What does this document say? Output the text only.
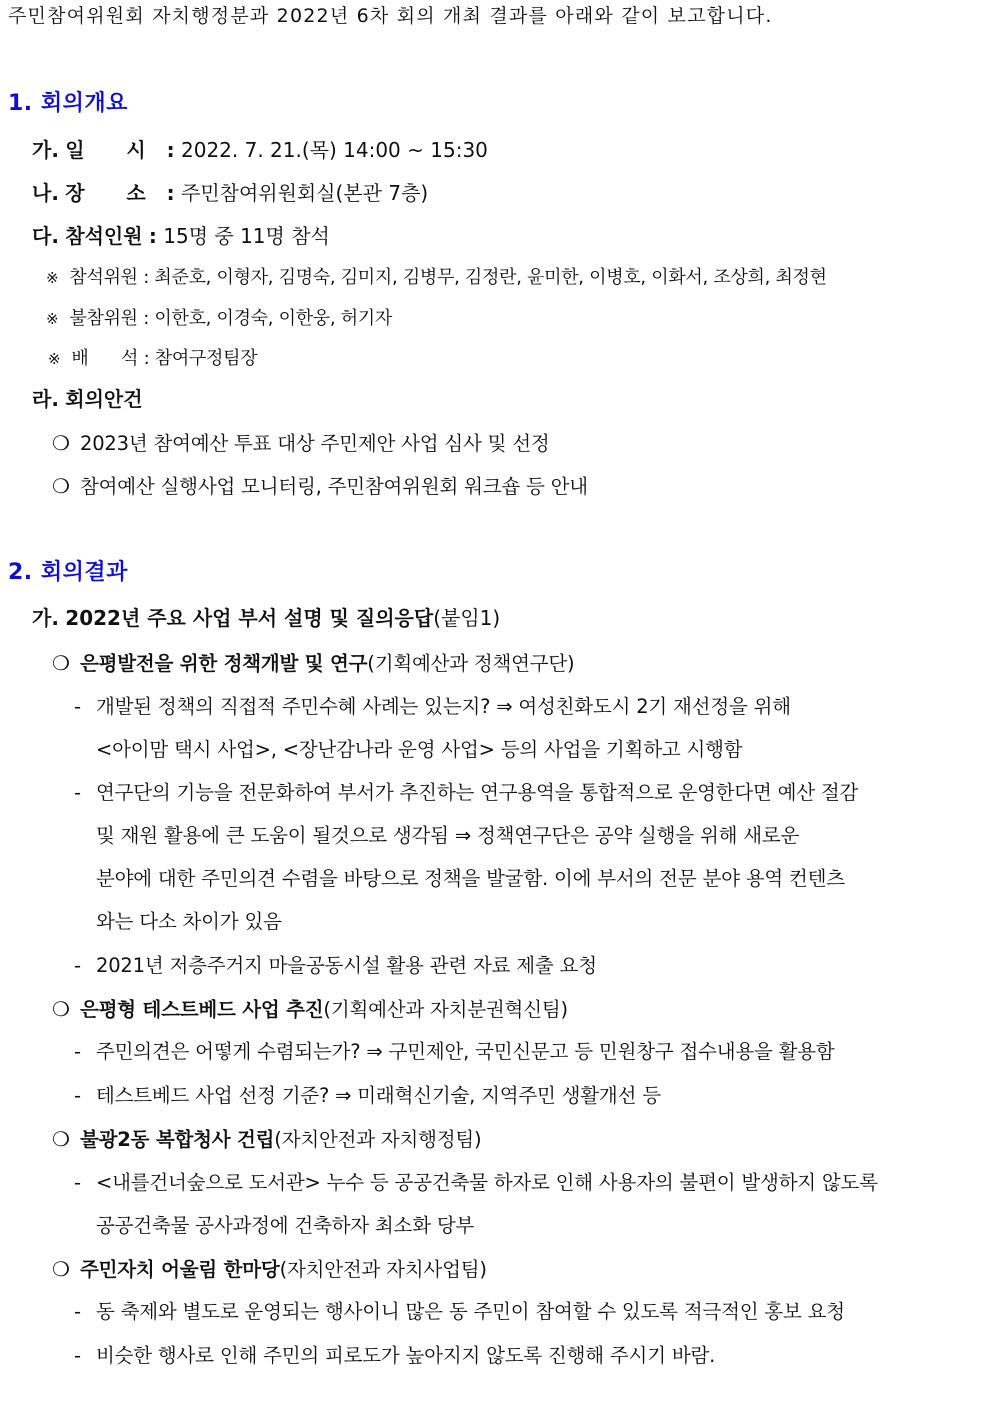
주민참여위원회 자치행정분과 2022년 6차 회의 개최 결과를 아래와 같이 보고합니다.
1. 회의개요
가. 일      시 : 2022. 7. 21.(목) 14:00 ~ 15:30
나. 장      소 : 주민참여위원회실(본관 7층)
다. 참석인원 : 15명 중 11명 참석
※ 참석위원 : 최준호, 이형자, 김명숙, 김미지, 김병무, 김정란, 윤미한, 이병호, 이화서, 조상희, 최정현
※ 불참위원 : 이한호, 이경숙, 이한웅, 허기자
※ 배      석 : 참여구정팀장
라. 회의안건
❍ 2023년 참여예산 투표 대상 주민제안 사업 심사 및 선정
❍ 참여예산 실행사업 모니터링, 주민참여위원회 워크숍 등 안내
2. 회의결과
가. 2022년 주요 사업 부서 설명 및 질의응답(붙임1)
❍ 은평발전을 위한 정책개발 및 연구(기획예산과 정책연구단)
- 개발된 정책의 직접적 주민수혜 사례는 있는지? ⇒ 여성친화도시 2기 재선정을 위해
<아이맘 택시 사업>, <장난감나라 운영 사업> 등의 사업을 기획하고 시행함
- 연구단의 기능을 전문화하여 부서가 추진하는 연구용역을 통합적으로 운영한다면 예산 절감
및 재원 활용에 큰 도움이 될것으로 생각됨 ⇒ 정책연구단은 공약 실행을 위해 새로운
분야에 대한 주민의견 수렴을 바탕으로 정책을 발굴함. 이에 부서의 전문 분야 용역 컨텐츠
와는 다소 차이가 있음
- 2021년 저층주거지 마을공동시설 활용 관련 자료 제출 요청
❍ 은평형 테스트베드 사업 추진(기획예산과 자치분권혁신팀)
- 주민의견은 어떻게 수렴되는가? ⇒ 구민제안, 국민신문고 등 민원창구 접수내용을 활용함
- 테스트베드 사업 선정 기준? ⇒ 미래혁신기술, 지역주민 생활개선 등
❍ 불광2동 복합청사 건립(자치안전과 자치행정팀)
- <내를건너숲으로 도서관> 누수 등 공공건축물 하자로 인해 사용자의 불편이 발생하지 않도록
공공건축물 공사과정에 건축하자 최소화 당부
❍ 주민자치 어울림 한마당(자치안전과 자치사업팀)
- 동 축제와 별도로 운영되는 행사이니 많은 동 주민이 참여할 수 있도록 적극적인 홍보 요청
- 비슷한 행사로 인해 주민의 피로도가 높아지지 않도록 진행해 주시기 바람.
